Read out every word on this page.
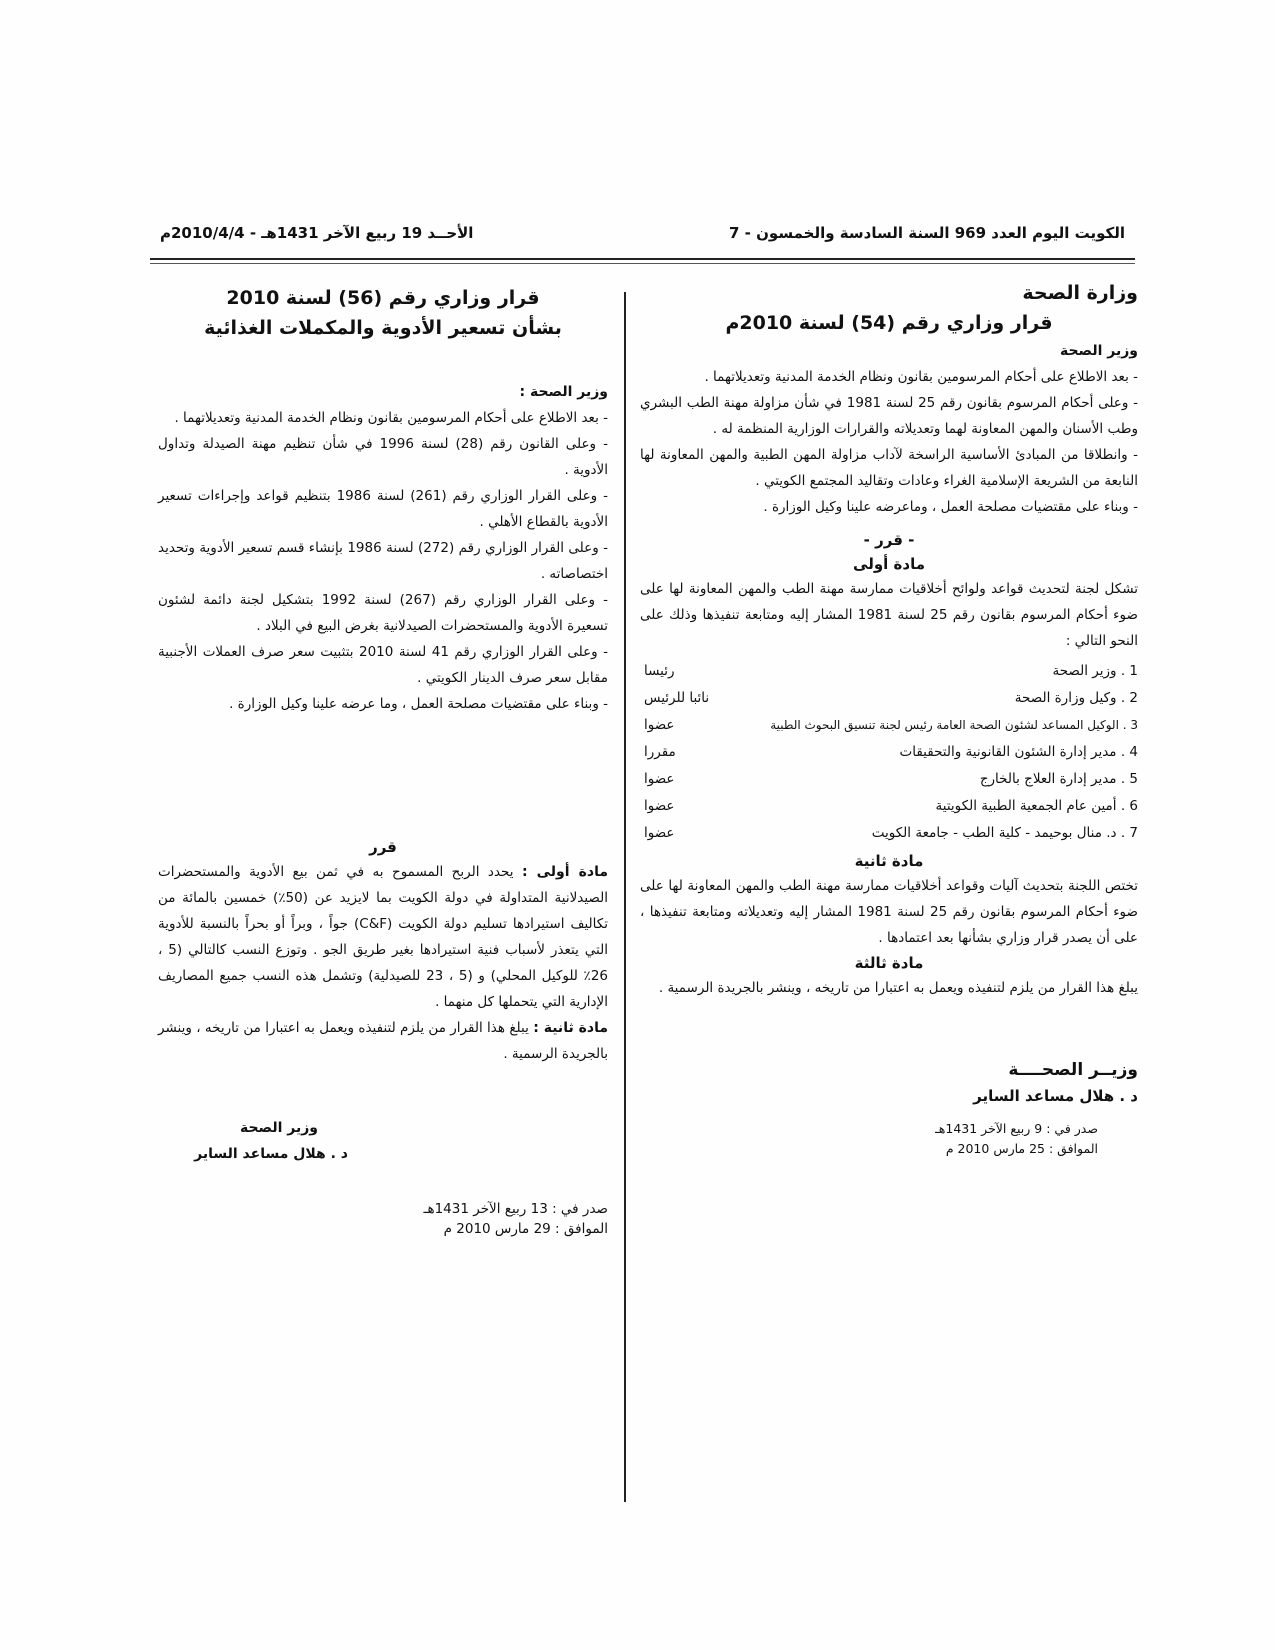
الكويت اليوم العدد 969 السنة السادسة والخمسون - 7
الأحــد 19 ربيع الآخر 1431هـ - 2010/4/4م
وزارة الصحة
قرار وزاري رقم (54) لسنة 2010م
وزير الصحة

- بعد الاطلاع على أحكام المرسومين بقانون ونظام الخدمة المدنية وتعديلاتهما .

- وعلى أحكام المرسوم بقانون رقم 25 لسنة 1981 في شأن مزاولة مهنة الطب البشري وطب الأسنان والمهن المعاونة لهما وتعديلاته والقرارات الوزارية المنظمة له .

- وانطلاقا من المبادئ الأساسية الراسخة لآداب مزاولة المهن الطبية والمهن المعاونة لها النابعة من الشريعة الإسلامية الغراء وعادات وتقاليد المجتمع الكويتي .

- وبناء على مقتضيات مصلحة العمل ، وماعرضه علينا وكيل الوزارة .

- قرر -
مادة أولى

تشكل لجنة لتحديث قواعد ولوائح أخلاقيات ممارسة مهنة الطب والمهن المعاونة لها على ضوء أحكام المرسوم بقانون رقم 25 لسنة 1981 المشار إليه ومتابعة تنفيذها وذلك على النحو التالي :

1 . وزير الصحة
رئيسا
2 . وكيل وزارة الصحة
نائبا للرئيس
3 . الوكيل المساعد لشئون الصحة العامة رئيس لجنة تنسيق البحوث الطبية
عضوا
4 . مدير إدارة الشئون القانونية والتحقيقات
مقررا
5 . مدير إدارة العلاج بالخارج
عضوا
6 . أمين عام الجمعية الطبية الكويتية
عضوا
7 . د. منال بوحيمد - كلية الطب - جامعة الكويت
عضوا
مادة ثانية

تختص اللجنة بتحديث آليات وقواعد أخلاقيات ممارسة مهنة الطب والمهن المعاونة لها على ضوء أحكام المرسوم بقانون رقم 25 لسنة 1981 المشار إليه وتعديلاته ومتابعة تنفيذها ، على أن يصدر قرار وزاري بشأنها بعد اعتمادها .

مادة ثالثة

يبلغ هذا القرار من يلزم لتنفيذه ويعمل به اعتبارا من تاريخه ، وينشر بالجريدة الرسمية .

وزيــر الصحــــة
د . هلال مساعد الساير
صدر في : 9 ربيع الآخر 1431هـ
الموافق : 25 مارس 2010 م
قرار وزاري رقم (56) لسنة 2010
بشأن تسعير الأدوية والمكملات الغذائية
وزير الصحة :

- بعد الاطلاع على أحكام المرسومين بقانون ونظام الخدمة المدنية وتعديلاتهما .

- وعلى القانون رقم (28) لسنة 1996 في شأن تنظيم مهنة الصيدلة وتداول الأدوية .

- وعلى القرار الوزاري رقم (261) لسنة 1986 بتنظيم قواعد وإجراءات تسعير الأدوية بالقطاع الأهلي .

- وعلى القرار الوزاري رقم (272) لسنة 1986 بإنشاء قسم تسعير الأدوية وتحديد اختصاصاته .

- وعلى القرار الوزاري رقم (267) لسنة 1992 بتشكيل لجنة دائمة لشئون تسعيرة الأدوية والمستحضرات الصيدلانية بغرض البيع في البلاد .

- وعلى القرار الوزاري رقم 41 لسنة 2010 بتثبيت سعر صرف العملات الأجنبية مقابل سعر صرف الدينار الكويتي .

- وبناء على مقتضيات مصلحة العمل ، وما عرضه علينا وكيل الوزارة .

قرر

مادة أولى : يحدد الربح المسموح به في ثمن بيع الأدوية والمستحضرات الصيدلانية المتداولة في دولة الكويت بما لايزيد عن (50٪) خمسين بالمائة من تكاليف استيرادها تسليم دولة الكويت (C&F) جواً ، وبراً أو بحراً بالنسبة للأدوية التي يتعذر لأسباب فنية استيرادها بغير طريق الجو . وتوزع النسب كالتالي (5 ، 26٪ للوكيل المحلي) و (5 ، 23 للصيدلية) وتشمل هذه النسب جميع المصاريف الإدارية التي يتحملها كل منهما .

مادة ثانية : يبلغ هذا القرار من يلزم لتنفيذه ويعمل به اعتبارا من تاريخه ، وينشر بالجريدة الرسمية .

وزير الصحة
د . هلال مساعد الساير
صدر في : 13 ربيع الآخر 1431هـ
الموافق : 29 مارس 2010 م
